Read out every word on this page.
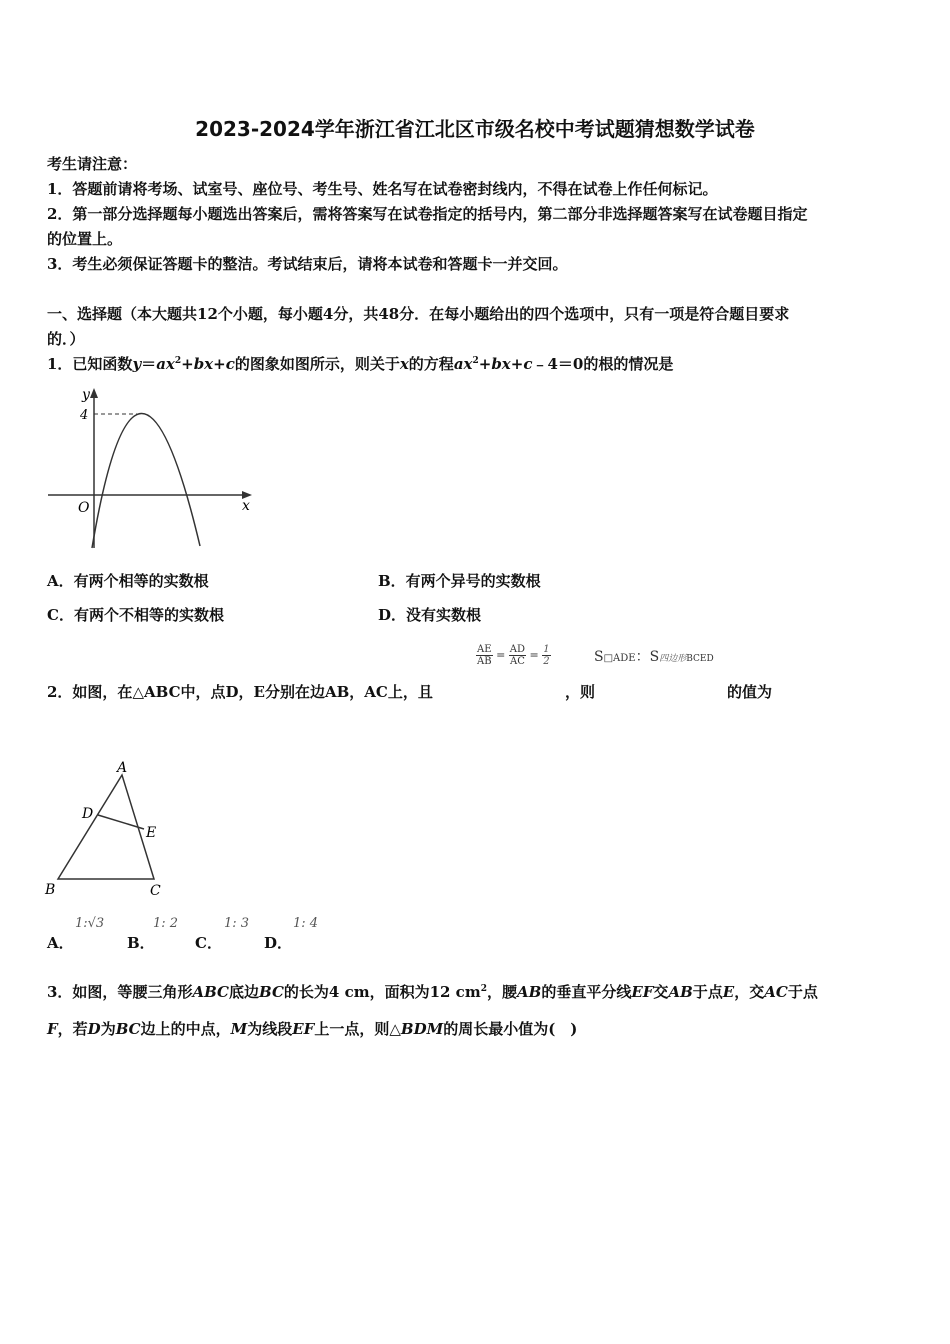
2023-2024学年浙江省江北区市级名校中考试题猜想数学试卷
考生请注意：
1．答题前请将考场、试室号、座位号、考生号、姓名写在试卷密封线内，不得在试卷上作任何标记。
2．第一部分选择题每小题选出答案后，需将答案写在试卷指定的括号内，第二部分非选择题答案写在试卷题目指定
的位置上。
3．考生必须保证答题卡的整洁。考试结束后，请将本试卷和答题卡一并交回。
一、选择题（本大题共12个小题，每小题4分，共48分．在每小题给出的四个选项中，只有一项是符合题目要求
的．）
1．已知函数$y=ax^2+bx+c$的图象如图所示，则关于x的方程$ax^2+bx+c﹣4=0$的根的情况是
y
x
O
4
A．有两个相等的实数根	B．有两个异号的实数根
C．有两个不相等的实数根	D．没有实数根
$\frac{AE}{AB} = \frac{AD}{AC} = \frac{1}{2}$	S□ADE：S四边形BCED
2．如图，在△ABC中，点D，E分别在边AB，AC上，且	，则	的值为
A
B	C
D
E
A．
1:√3
B．
1: 2
C．
1: 3
D．
1: 4
3．如图，等腰三角形ABC底边BC的长为4 cm，面积为12 $cm^2$，腰AB的垂直平分线EF交AB于点E，交AC于点
F，若D为BC边上的中点，M为线段EF上一点，则△BDM的周长最小值为(　)
